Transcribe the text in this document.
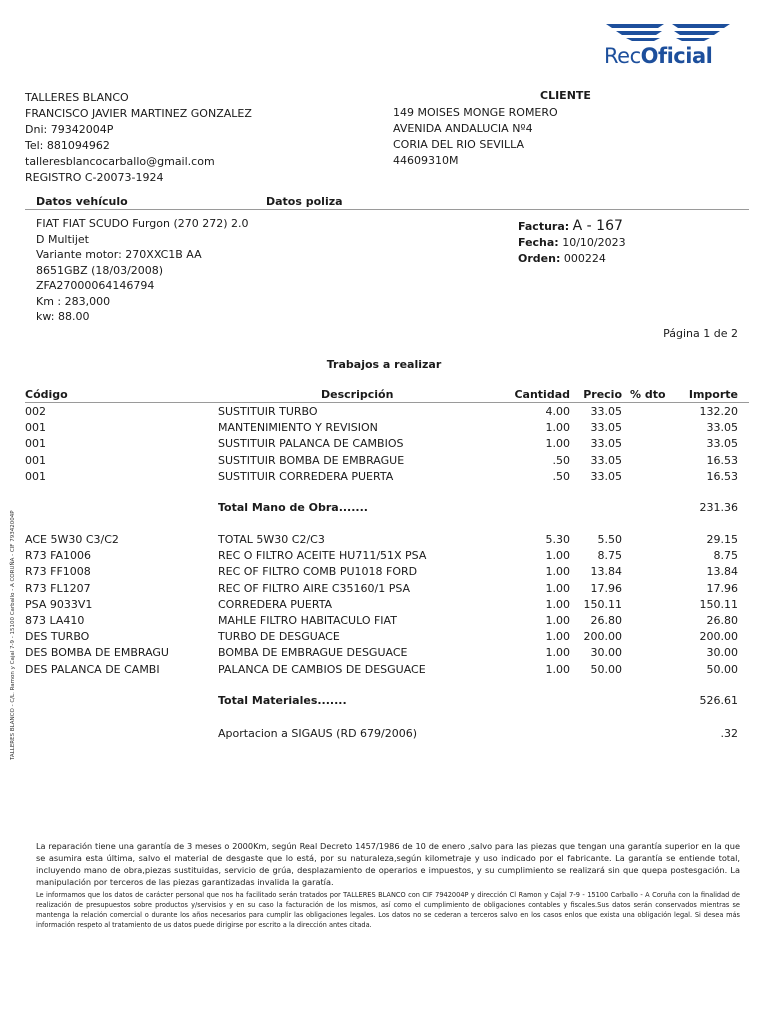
RecOficial
TALLERES BLANCO
FRANCISCO JAVIER MARTINEZ GONZALEZ
Dni: 79342004P
Tel: 881094962
talleresblancocarballo@gmail.com
REGISTRO C-20073-1924
CLIENTE
149 MOISES MONGE ROMERO
AVENIDA ANDALUCIA Nº4
CORIA DEL RIO SEVILLA
44609310M
Datos vehículo	Datos poliza
FIAT FIAT SCUDO Furgon (270 272) 2.0
D Multijet
Variante motor: 270XXC1B AA
8651GBZ (18/03/2008)
ZFA27000064146794
Km : 283,000
kw: 88.00
Factura: A - 167
Fecha: 10/10/2023
Orden: 000224
Página 1 de 2
Trabajos a realizar
Código	Descripción	Cantidad Precio % dto Importe
002	SUSTITUIR TURBO	4.00 33.05	132.20
001	MANTENIMIENTO Y REVISION	1.00 33.05	33.05
001	SUSTITUIR PALANCA DE CAMBIOS	1.00 33.05	33.05
001	SUSTITUIR BOMBA DE EMBRAGUE	.50 33.05	16.53
001	SUSTITUIR CORREDERA PUERTA	.50 33.05	16.53
Total Mano de Obra.......	231.36
ACE 5W30 C3/C2	TOTAL 5W30 C2/C3	5.30	5.50	29.15
R73 FA1006	REC O FILTRO ACEITE HU711/51X PSA	1.00	8.75	8.75
R73 FF1008	REC OF FILTRO COMB PU1018 FORD	1.00 13.84	13.84
R73 FL1207	REC OF FILTRO AIRE C35160/1 PSA	1.00 17.96	17.96
PSA 9033V1	CORREDERA PUERTA	1.00 150.11	150.11
873 LA410	MAHLE FILTRO HABITACULO FIAT	1.00 26.80	26.80
DES TURBO	TURBO DE DESGUACE	1.00 200.00	200.00
DES BOMBA DE EMBRAGU	BOMBA DE EMBRAGUE DESGUACE	1.00 30.00	30.00
DES PALANCA DE CAMBI	PALANCA DE CAMBIOS DE DESGUACE	1.00 50.00	50.00
Total Materiales.......	526.61
Aportacion a SIGAUS (RD 679/2006)	.32
TALLERES BLANCO - C/L. Ramon y Cajal 7-9 - 15100 Carballo - A CORUÑA - CIF 79342004P
La reparación tiene una garantía de 3 meses o 2000Km, según Real Decreto 1457/1986 de 10 de enero ,salvo para las piezas que tengan una garantía superior en la que se asumira esta última, salvo el material de desgaste que lo está, por su naturaleza,según kilometraje y uso indicado por el fabricante. La garantía se entiende total, incluyendo mano de obra,piezas sustituidas, servicio de grúa, desplazamiento de operarios e impuestos, y su cumplimiento se realizará sin que quepa postesgación. La manipulación por terceros de las piezas garantizadas invalida la garatía.
Le informamos que los datos de carácter personal que nos ha facilitado serán tratados por TALLERES BLANCO con CIF 7942004P y dirección Cl Ramon y Cajal 7-9 - 15100 Carballo - A Coruña con la finalidad de realización de presupuestos sobre productos y/servisios y en su caso la facturación de los mismos, así como el cumplimiento de obligaciones contables y fiscales.Sus datos serán conservados mientras se mantenga la relación comercial o durante los años necesarios para cumplir las obligaciones legales. Los datos no se cederan a terceros salvo en los casos enlos que exista una obligación legal. Si desea más información respeto al tratamiento de us datos puede dirigirse por escrito a la dirección antes citada.
